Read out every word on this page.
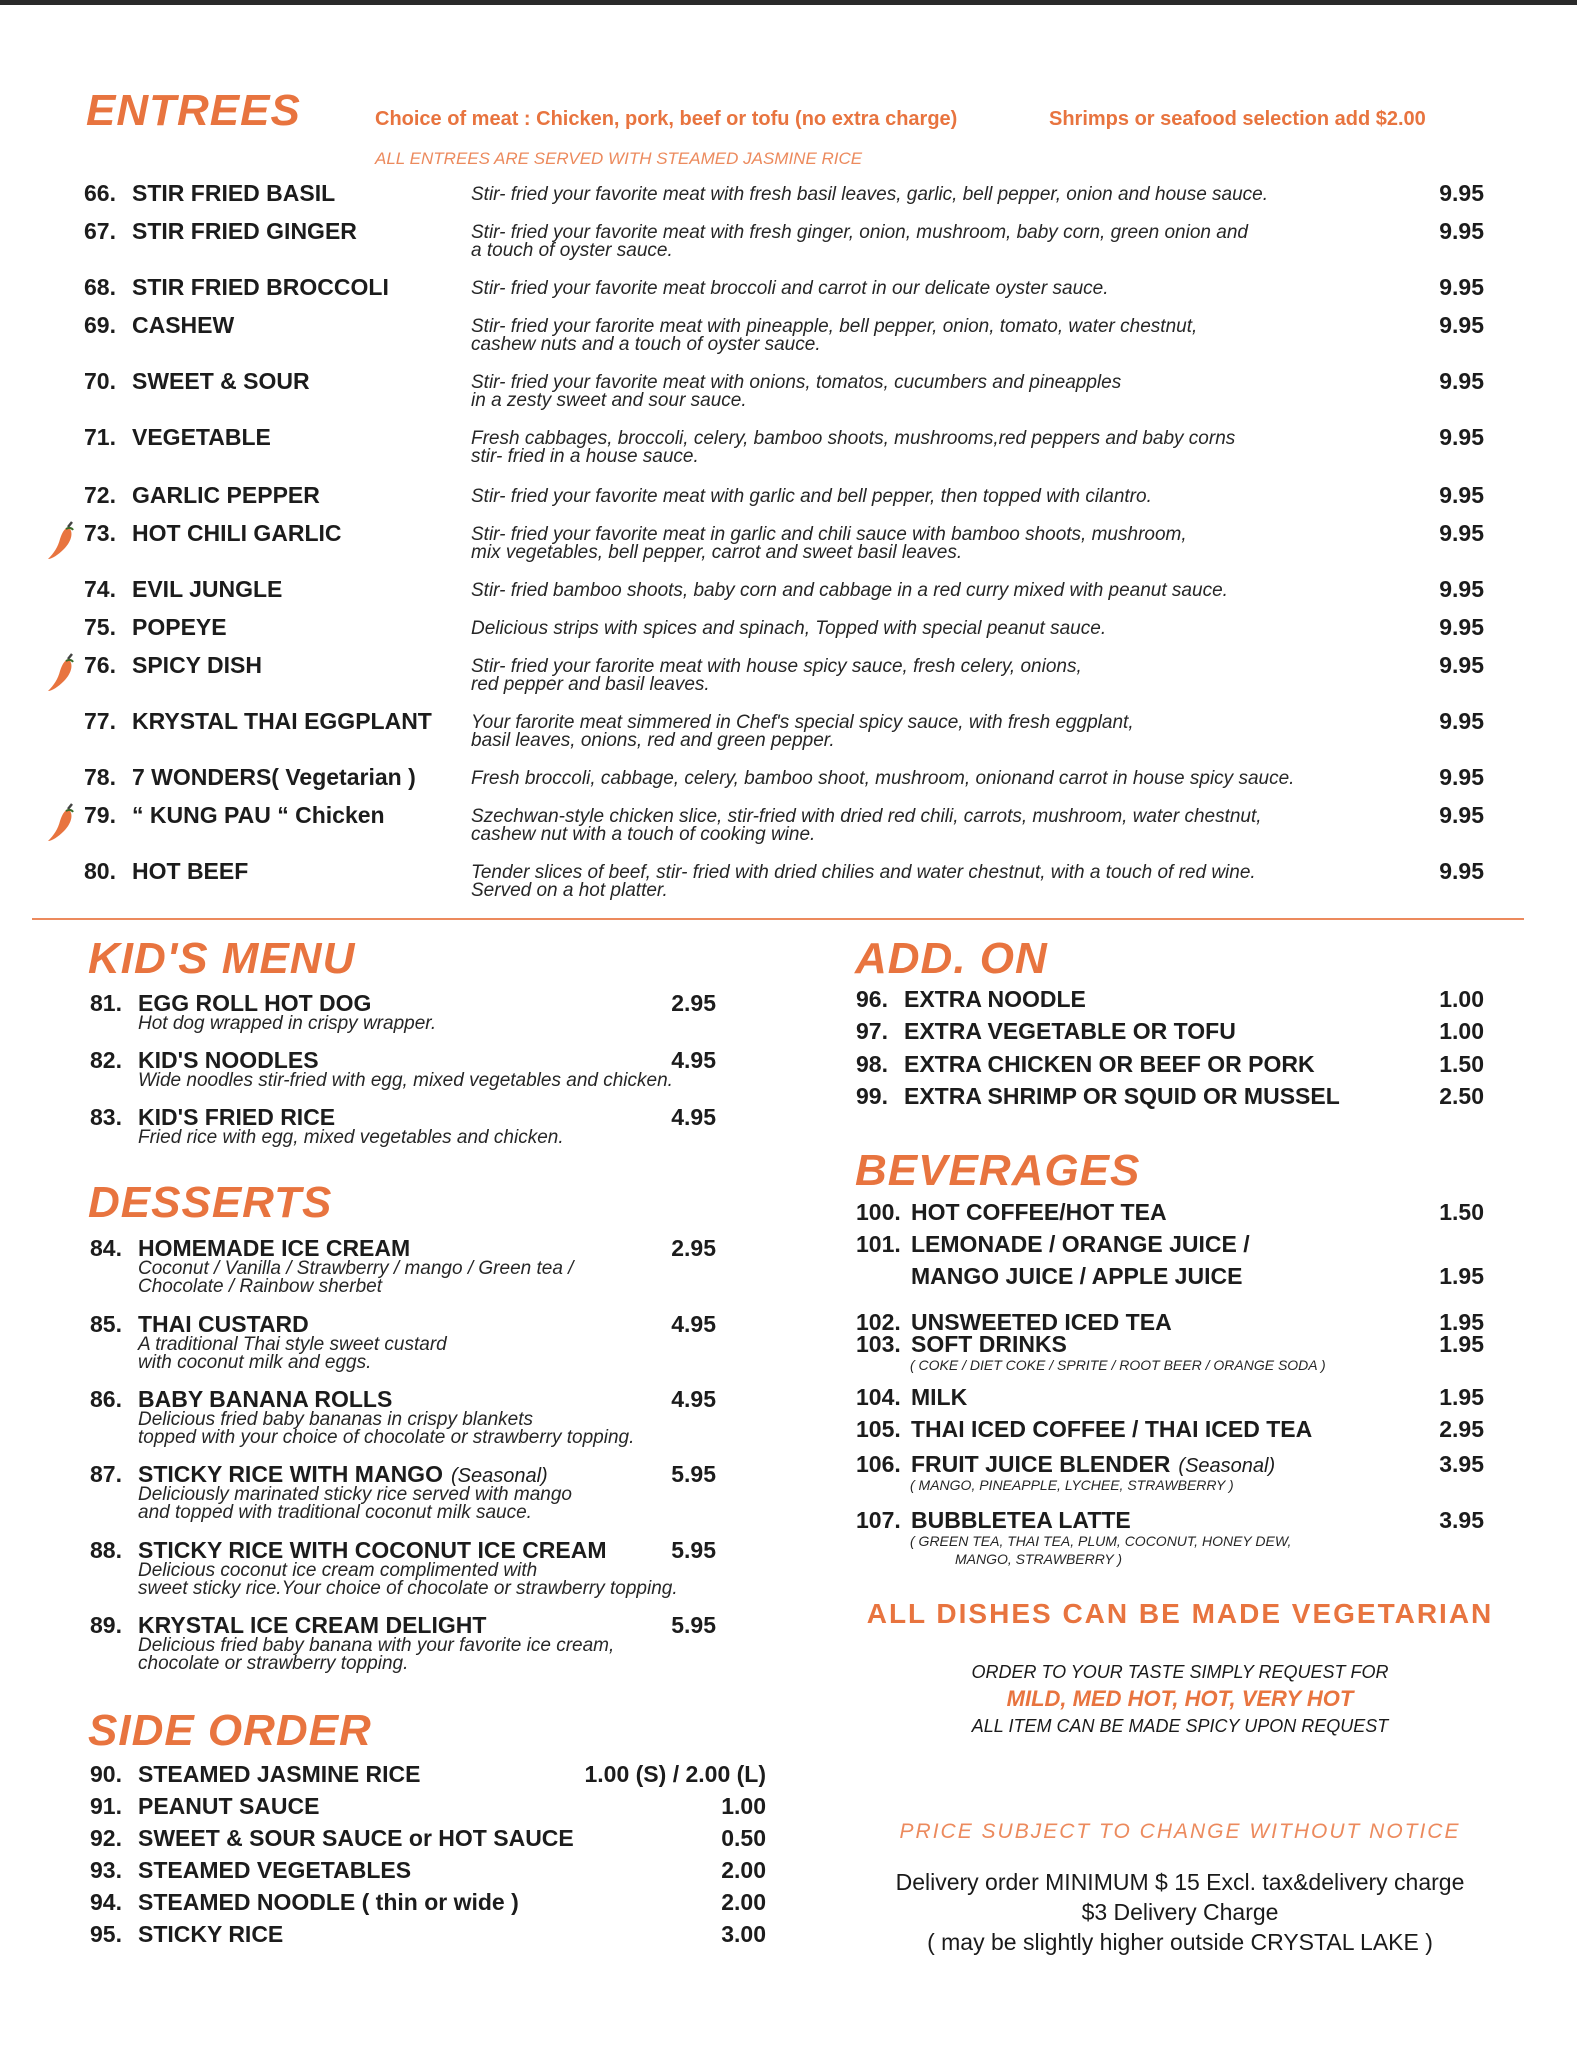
ENTREES	Choice of meat : Chicken, pork, beef or tofu (no extra charge)	Shrimps or seafood selection add $2.00
ALL ENTREES ARE SERVED WITH STEAMED JASMINE RICE
KID'S MENU
DESSERTS
SIDE ORDER
ADD. ON
BEVERAGES
ALL DISHES CAN BE MADE VEGETARIAN
ORDER TO YOUR TASTE SIMPLY REQUEST FOR
MILD, MED HOT, HOT, VERY HOT
ALL ITEM CAN BE MADE SPICY UPON REQUEST
PRICE SUBJECT TO CHANGE WITHOUT NOTICE
Delivery order MINIMUM $ 15 Excl. tax&delivery charge
$3 Delivery Charge
( may be slightly higher outside CRYSTAL LAKE )
66. STIR FRIED BASIL	Stir- fried your favorite meat with fresh basil leaves, garlic, bell pepper, onion and house sauce.	9.95
67. STIR FRIED GINGER	Stir- fried your favorite meat with fresh ginger, onion, mushroom, baby corn, green onion and
a touch of oyster sauce.
9.95
68. STIR FRIED BROCCOLI	Stir- fried your favorite meat broccoli and carrot in our delicate oyster sauce.	9.95
69. CASHEW	Stir- fried your farorite meat with pineapple, bell pepper, onion, tomato, water chestnut,
cashew nuts and a touch of oyster sauce.
9.95
70. SWEET & SOUR	Stir- fried your favorite meat with onions, tomatos, cucumbers and pineapples
in a zesty sweet and sour sauce.
9.95
71. VEGETABLE	Fresh cabbages, broccoli, celery, bamboo shoots, mushrooms,red peppers and baby corns
stir- fried in a house sauce.
9.95
72. GARLIC PEPPER	Stir- fried your favorite meat with garlic and bell pepper, then topped with cilantro.	9.95
73. HOT CHILI GARLIC	Stir- fried your favorite meat in garlic and chili sauce with bamboo shoots, mushroom,
mix vegetables, bell pepper, carrot and sweet basil leaves.
9.95
74. EVIL JUNGLE	Stir- fried bamboo shoots, baby corn and cabbage in a red curry mixed with peanut sauce.	9.95
75. POPEYE	Delicious strips with spices and spinach, Topped with special peanut sauce.	9.95
76. SPICY DISH	Stir- fried your farorite meat with house spicy sauce, fresh celery, onions,
red pepper and basil leaves.
9.95
77. KRYSTAL THAI EGGPLANT Your farorite meat simmered in Chef's special spicy sauce, with fresh eggplant,
basil leaves, onions, red and green pepper.
9.95
78. 7 WONDERS( Vegetarian )	Fresh broccoli, cabbage, celery, bamboo shoot, mushroom, onionand carrot in house spicy sauce.	9.95
79. “ KUNG PAU “ Chicken	Szechwan-style chicken slice, stir-fried with dried red chili, carrots, mushroom, water chestnut,
cashew nut with a touch of cooking wine.
9.95
80. HOT BEEF	Tender slices of beef, stir- fried with dried chilies and water chestnut, with a touch of red wine.
Served on a hot platter.
9.95
81. EGG ROLL HOT DOG
Hot dog wrapped in crispy wrapper.
2.95
82. KID'S NOODLES
Wide noodles stir-fried with egg, mixed vegetables and chicken.
4.95
83. KID'S FRIED RICE
Fried rice with egg, mixed vegetables and chicken.
4.95
84. HOMEMADE ICE CREAM
Coconut / Vanilla / Strawberry / mango / Green tea /
Chocolate / Rainbow sherbet
2.95
85. THAI CUSTARD
A traditional Thai style sweet custard
with coconut milk and eggs.
4.95
86. BABY BANANA ROLLS
Delicious fried baby bananas in crispy blankets
topped with your choice of chocolate or strawberry topping.
4.95
87. STICKY RICE WITH MANGO (Seasonal)
Deliciously marinated sticky rice served with mango
and topped with traditional coconut milk sauce.
5.95
88. STICKY RICE WITH COCONUT ICE CREAM
Delicious coconut ice cream complimented with
sweet sticky rice.Your choice of chocolate or strawberry topping.
5.95
89. KRYSTAL ICE CREAM DELIGHT
Delicious fried baby banana with your favorite ice cream,
chocolate or strawberry topping.
5.95
90. STEAMED JASMINE RICE	1.00 (S) / 2.00 (L)
91. PEANUT SAUCE	1.00
92. SWEET & SOUR SAUCE or HOT SAUCE	0.50
93. STEAMED VEGETABLES	2.00
94. STEAMED NOODLE ( thin or wide )	2.00
95. STICKY RICE	3.00
96. EXTRA NOODLE	1.00
97. EXTRA VEGETABLE OR TOFU	1.00
98. EXTRA CHICKEN OR BEEF OR PORK	1.50
99. EXTRA SHRIMP OR SQUID OR MUSSEL	2.50
100. HOT COFFEE/HOT TEA	1.50
101. LEMONADE / ORANGE JUICE /
MANGO JUICE / APPLE JUICE	1.95
102. UNSWEETED ICED TEA	1.95
103. SOFT DRINKS
( COKE / DIET COKE / SPRITE / ROOT BEER / ORANGE SODA )
1.95
104. MILK	1.95
105. THAI ICED COFFEE / THAI ICED TEA	2.95
106. FRUIT JUICE BLENDER (Seasonal)
( MANGO, PINEAPPLE, LYCHEE, STRAWBERRY )
3.95
107. BUBBLETEA LATTE
( GREEN TEA, THAI TEA, PLUM, COCONUT, HONEY DEW,
MANGO, STRAWBERRY )
3.95
